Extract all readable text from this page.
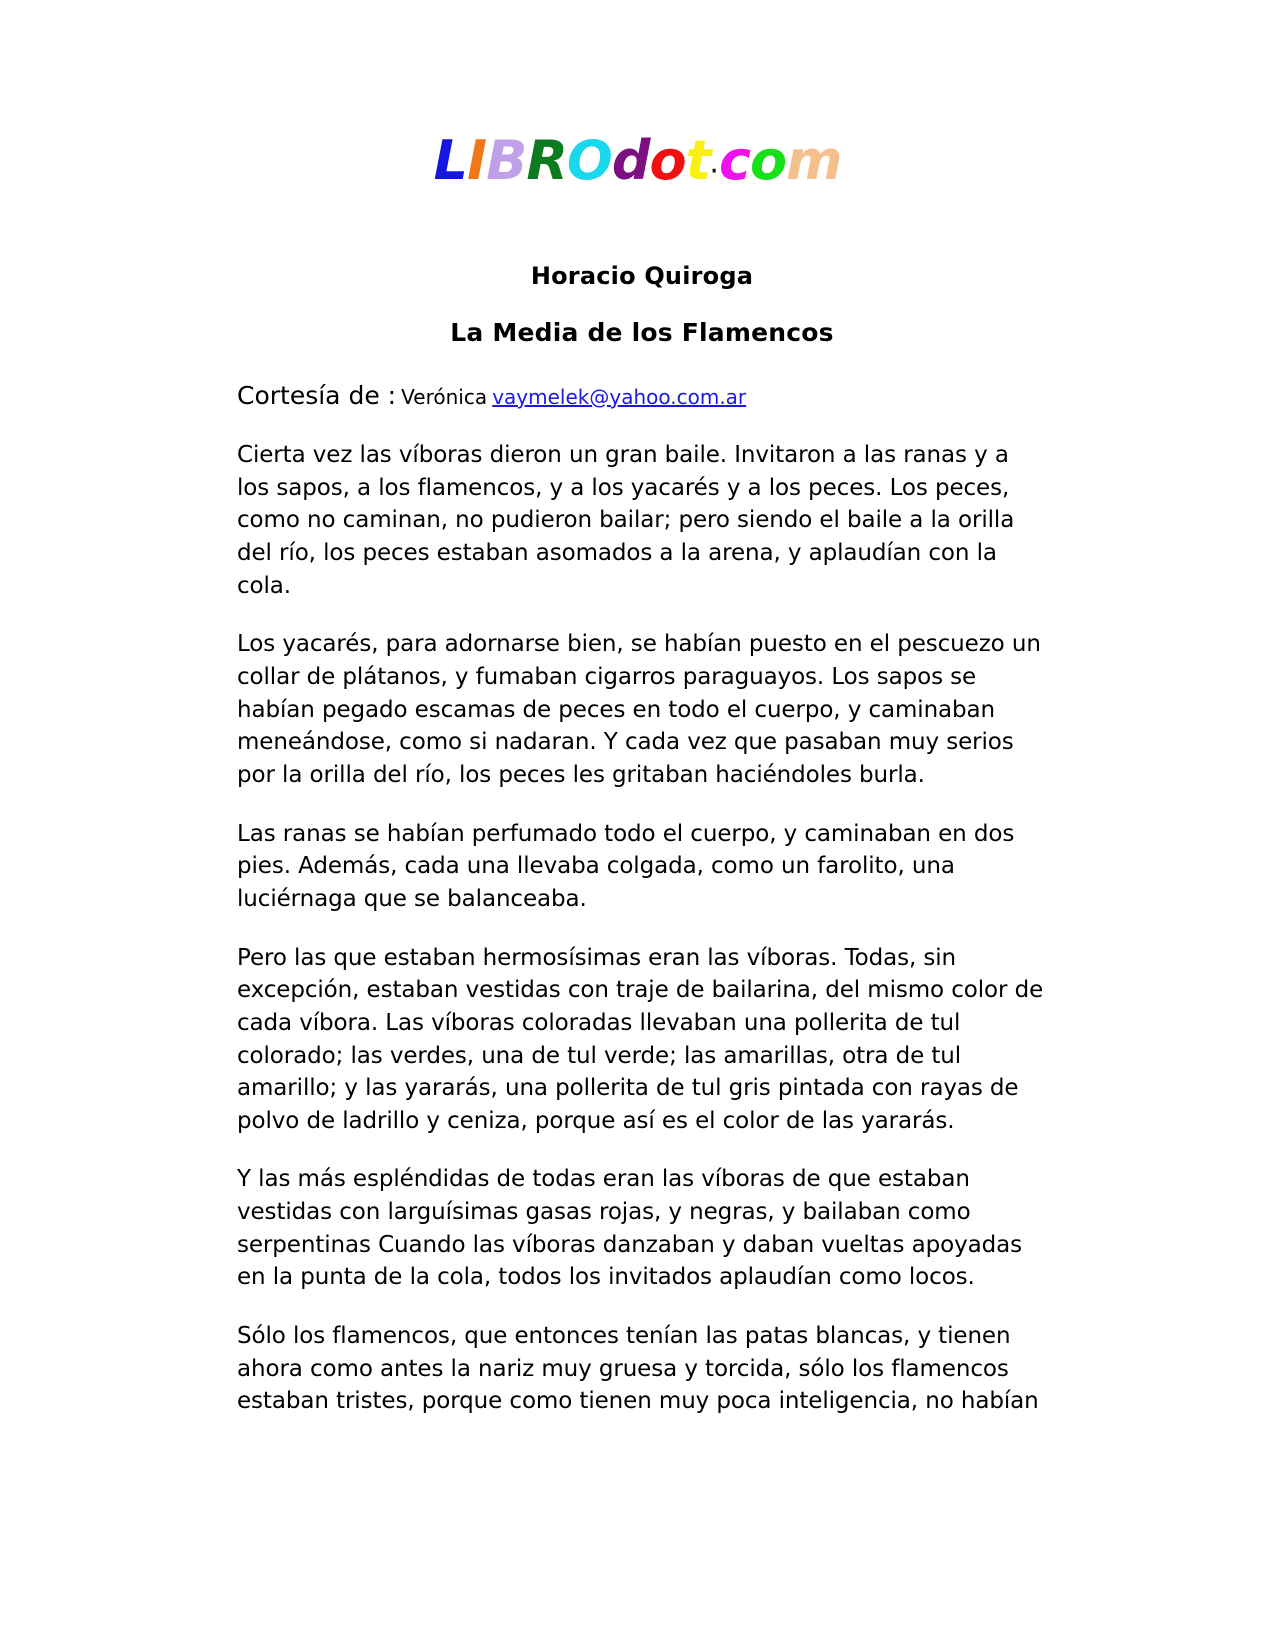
LIBROdot·com
Horacio Quiroga
La Media de los Flamencos
Cortesía de : Verónica vaymelek@yahoo.com.ar

Cierta vez las víboras dieron un gran baile. Invitaron a las ranas y a los sapos, a los flamencos, y a los yacarés y a los peces. Los peces, como no caminan, no pudieron bailar; pero siendo el baile a la orilla del río, los peces estaban asomados a la arena, y aplaudían con la cola.

Los yacarés, para adornarse bien, se habían puesto en el pescuezo un collar de plátanos, y fumaban cigarros paraguayos. Los sapos se habían pegado escamas de peces en todo el cuerpo, y caminaban meneándose, como si nadaran. Y cada vez que pasaban muy serios por la orilla del río, los peces les gritaban haciéndoles burla.

Las ranas se habían perfumado todo el cuerpo, y caminaban en dos pies. Además, cada una llevaba colgada, como un farolito, una luciérnaga que se balanceaba.

Pero las que estaban hermosísimas eran las víboras. Todas, sin excepción, estaban vestidas con traje de bailarina, del mismo color de cada víbora. Las víboras coloradas llevaban una pollerita de tul colorado; las verdes, una de tul verde; las amarillas, otra de tul amarillo; y las yararás, una pollerita de tul gris pintada con rayas de polvo de ladrillo y ceniza, porque así es el color de las yararás.

Y las más espléndidas de todas eran las víboras de que estaban vestidas con larguísimas gasas rojas, y negras, y bailaban como serpentinas Cuando las víboras danzaban y daban vueltas apoyadas en la punta de la cola, todos los invitados aplaudían como locos.

Sólo los flamencos, que entonces tenían las patas blancas, y tienen ahora como antes la nariz muy gruesa y torcida, sólo los flamencos estaban tristes, porque como tienen muy poca inteligencia, no habían
